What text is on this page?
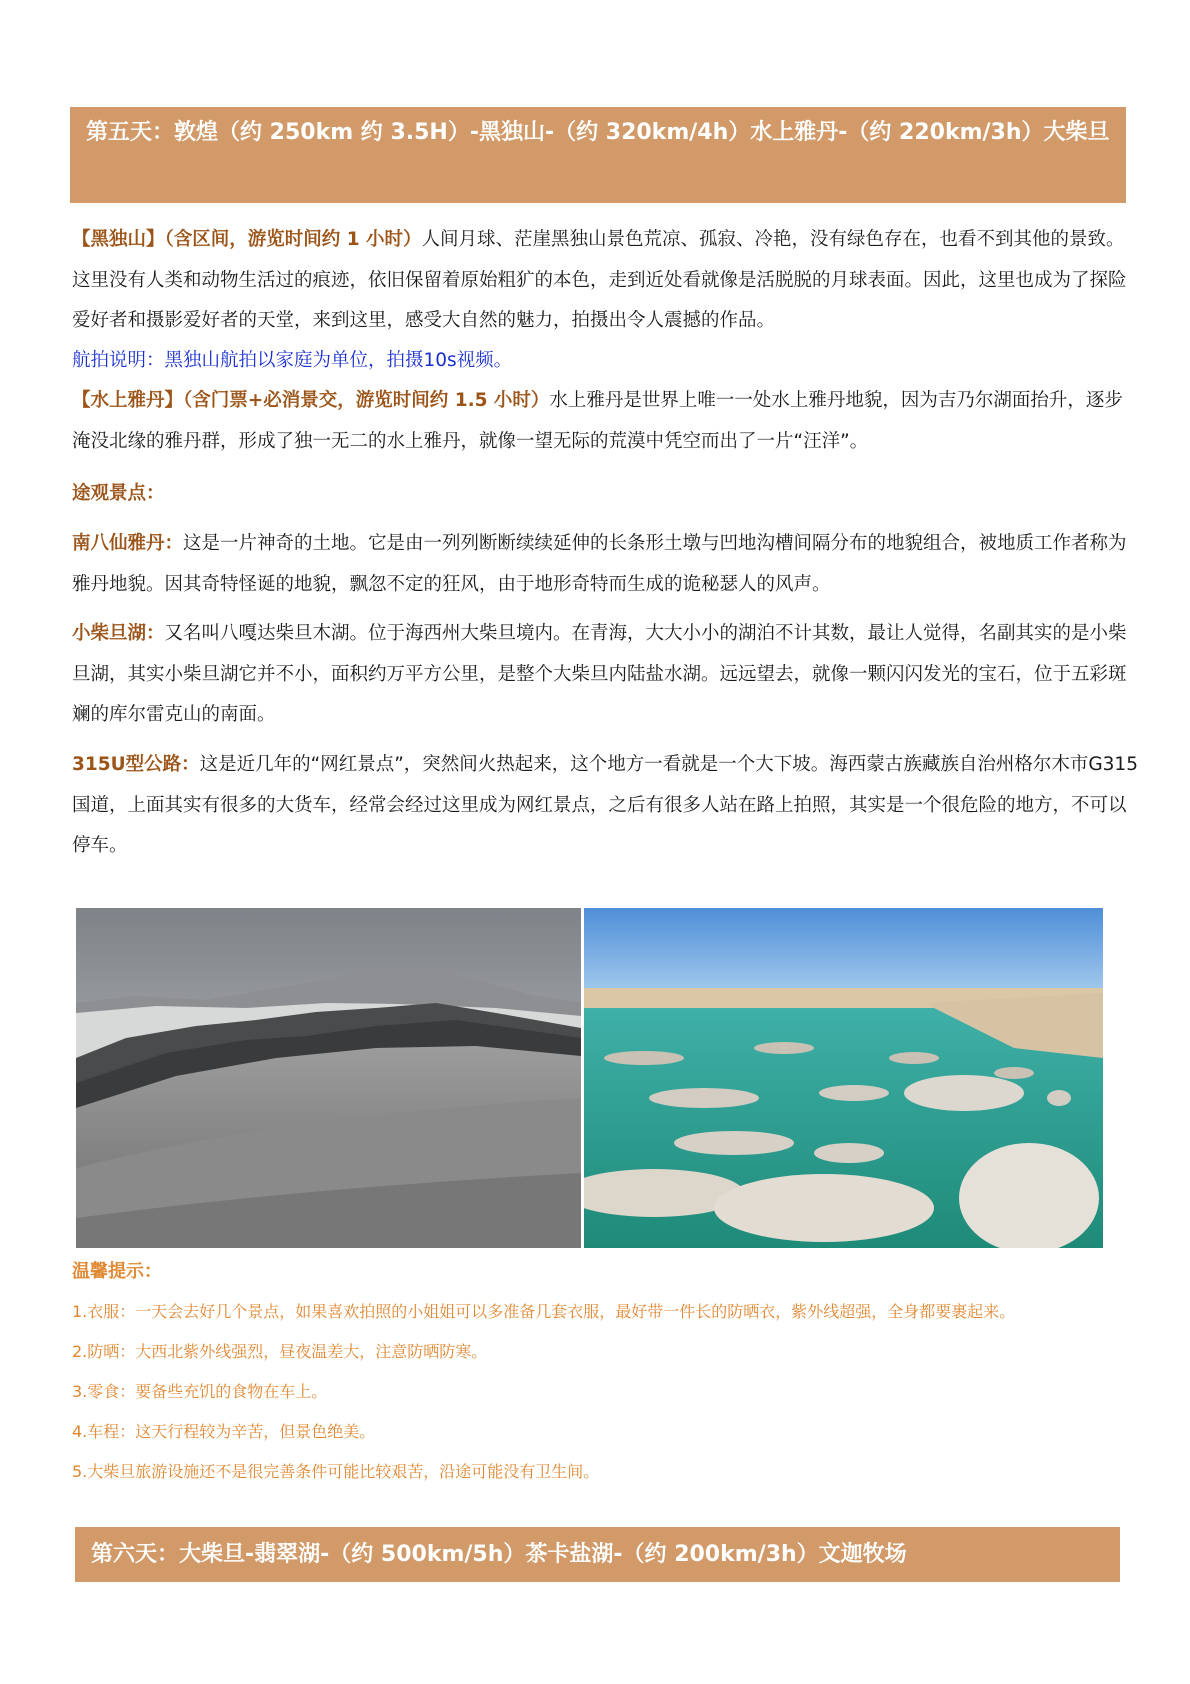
第五天：敦煌（约 250km 约 3.5H）-黑独山-（约 320km/4h）水上雅丹-（约 220km/3h）大柴旦

【黑独山】（含区间，游览时间约 1 小时）人间月球、茫崖黑独山景色荒凉、孤寂、冷艳，没有绿色存在，也看不到其他的景致。这里没有人类和动物生活过的痕迹，依旧保留着原始粗犷的本色，走到近处看就像是活脱脱的月球表面。因此，这里也成为了探险爱好者和摄影爱好者的天堂，来到这里，感受大自然的魅力，拍摄出令人震撼的作品。

航拍说明：黑独山航拍以家庭为单位，拍摄10s视频。

【水上雅丹】（含门票+必消景交，游览时间约 1.5 小时）水上雅丹是世界上唯一一处水上雅丹地貌，因为吉乃尔湖面抬升，逐步淹没北缘的雅丹群，形成了独一无二的水上雅丹，就像一望无际的荒漠中凭空而出了一片“汪洋”。

途观景点：

南八仙雅丹：这是一片神奇的土地。它是由一列列断断续续延伸的长条形土墩与凹地沟槽间隔分布的地貌组合，被地质工作者称为雅丹地貌。因其奇特怪诞的地貌，飘忽不定的狂风，由于地形奇特而生成的诡秘瑟人的风声。

小柴旦湖：又名叫八嘎达柴旦木湖。位于海西州大柴旦境内。在青海，大大小小的湖泊不计其数，最让人觉得，名副其实的是小柴旦湖，其实小柴旦湖它并不小，面积约万平方公里，是整个大柴旦内陆盐水湖。远远望去，就像一颗闪闪发光的宝石，位于五彩斑斓的库尔雷克山的南面。

315U型公路：这是近几年的“网红景点”，突然间火热起来，这个地方一看就是一个大下坡。海西蒙古族藏族自治州格尔木市G315国道，上面其实有很多的大货车，经常会经过这里成为网红景点，之后有很多人站在路上拍照，其实是一个很危险的地方，不可以停车。

温馨提示：

1.衣服：一天会去好几个景点，如果喜欢拍照的小姐姐可以多准备几套衣服，最好带一件长的防晒衣，紫外线超强，全身都要裹起来。

2.防晒：大西北紫外线强烈，昼夜温差大，注意防晒防寒。

3.零食：要备些充饥的食物在车上。

4.车程：这天行程较为辛苦，但景色绝美。

5.大柴旦旅游设施还不是很完善条件可能比较艰苦，沿途可能没有卫生间。

第六天：大柴旦-翡翠湖-（约 500km/5h）茶卡盐湖-（约 200km/3h）文迦牧场
